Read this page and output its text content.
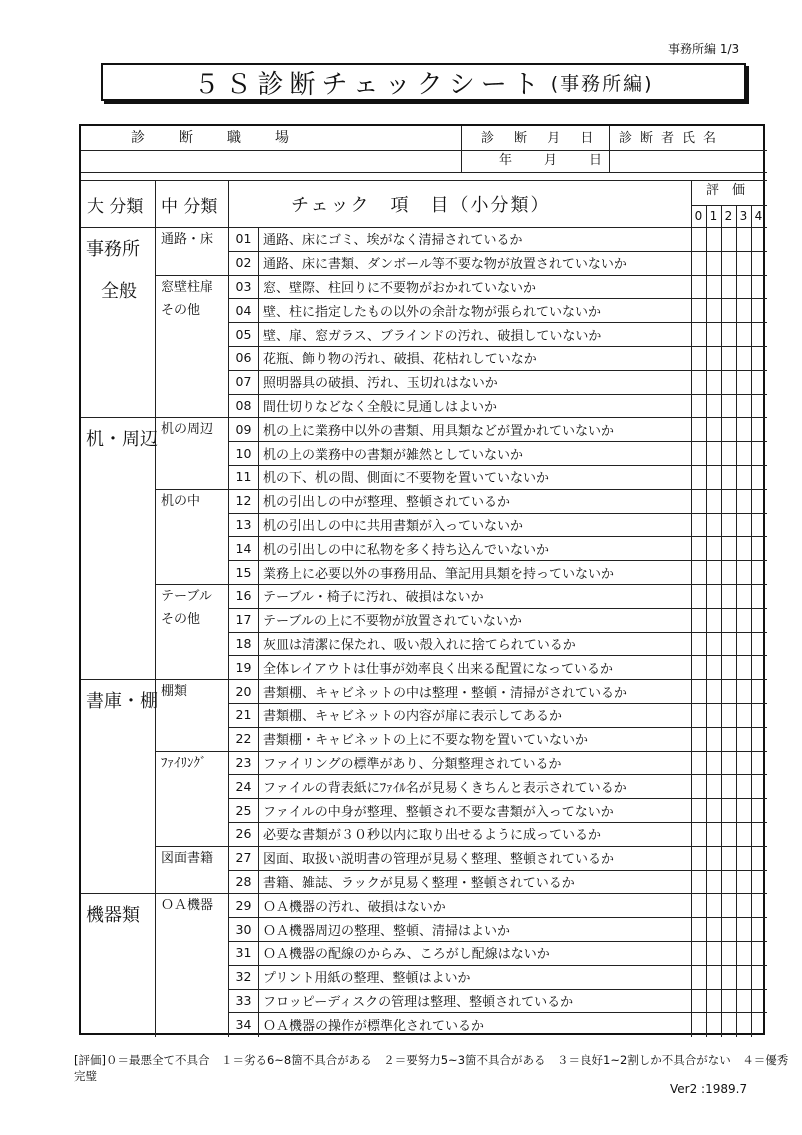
事務所編 1/3
５Ｓ診断チェックシート (事務所編)
診　断　職　場	診 断 月 日 診断者氏名
年 月 日
大 分類 中 分類	チェック　項　目（小分類）
評　価
0 1 2 3 4
01 通路、床にゴミ、埃がなく清掃されているか
02 通路、床に書類、ダンボール等不要な物が放置されていないか
03 窓、壁際、柱回りに不要物がおかれていないか
04 壁、柱に指定したもの以外の余計な物が張られていないか
05 壁、扉、窓ガラス、ブラインドの汚れ、破損していないか
06 花瓶、飾り物の汚れ、破損、花枯れしていなか
07 照明器具の破損、汚れ、玉切れはないか
08 間仕切りなどなく全般に見通しはよいか
09 机の上に業務中以外の書類、用具類などが置かれていないか
10 机の上の業務中の書類が雑然としていないか
11 机の下、机の間、側面に不要物を置いていないか
12 机の引出しの中が整理、整頓されているか
13 机の引出しの中に共用書類が入っていないか
14 机の引出しの中に私物を多く持ち込んでいないか
15 業務上に必要以外の事務用品、筆記用具類を持っていないか
16 テーブル・椅子に汚れ、破損はないか
17 テーブルの上に不要物が放置されていないか
18 灰皿は清潔に保たれ、吸い殻入れに捨てられているか
19 全体レイアウトは仕事が効率良く出来る配置になっているか
20 書類棚、キャビネットの中は整理・整頓・清掃がされているか
21 書類棚、キャビネットの内容が扉に表示してあるか
22 書類棚・キャビネットの上に不要な物を置いていないか
23 ファイリングの標準があり、分類整理されているか
24 ファイルの背表紙にﾌｧｲﾙ名が見易くきちんと表示されているか
25 ファイルの中身が整理、整頓され不要な書類が入ってないか
26 必要な書類が３０秒以内に取り出せるように成っているか
27 図面、取扱い説明書の管理が見易く整理、整頓されているか
28 書籍、雑誌、ラックが見易く整理・整頓されているか
29 ＯＡ機器の汚れ、破損はないか
30 ＯＡ機器周辺の整理、整頓、清掃はよいか
31 ＯＡ機器の配線のからみ、ころがし配線はないか
32 プリント用紙の整理、整頓はよいか
33 フロッピーディスクの管理は整理、整頓されているか
34 ＯＡ機器の操作が標準化されているか
通路・床
窓壁柱扉
その他
机の周辺
机の中
テーブル
その他
棚類
ﾌｧｲﾘﾝｸﾞ
図面書籍
ＯＡ機器
事務所
全般
机・周辺
書庫・棚
機器類
[評価]０＝最悪全て不具合　１＝劣る6~8箇不具合がある　２＝要努力5~3箇不具合がある　３＝良好1~2割しか不具合がない　４＝優秀 完璧
Ver2 :1989.7
